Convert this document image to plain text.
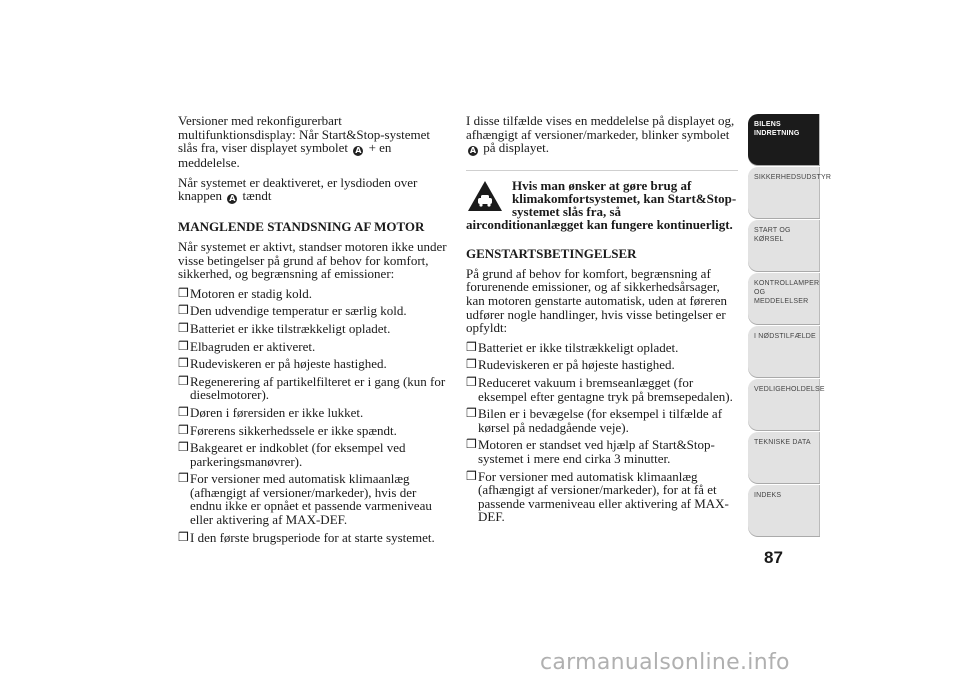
Versioner med rekonfigurerbart multifunktionsdisplay: Når Start&Stop-systemet slås fra, viser displayet symbolet A + en meddelelse.

Når systemet er deaktiveret, er lysdioden over knappen A tændt

MANGLENDE STANDSNING AF MOTOR

Når systemet er aktivt, standser motoren ikke under visse betingelser på grund af behov for komfort, sikkerhed, og begrænsning af emissioner:

❒ Motoren er stadig kold.
❒ Den udvendige temperatur er særlig kold.
❒ Batteriet er ikke tilstrækkeligt opladet.
❒ Elbagruden er aktiveret.
❒ Rudeviskeren er på højeste hastighed.
❒ Regenerering af partikelfilteret er i gang (kun for dieselmotorer).
❒ Døren i førersiden er ikke lukket.
❒ Førerens sikkerhedssele er ikke spændt.
❒ Bakgearet er indkoblet (for eksempel ved parkeringsmanøvrer).
❒ For versioner med automatisk klimaanlæg (afhængigt af versioner/markeder), hvis der endnu ikke er opnået et passende varmeniveau eller aktivering af MAX-DEF.
❒ I den første brugsperiode for at starte systemet.

I disse tilfælde vises en meddelelse på displayet og, afhængigt af versioner/markeder, blinker symbolet A på displayet.

Hvis man ønsker at gøre brug af klimakomfortsystemet, kan Start&Stop-systemet slås fra, så airconditionanlægget kan fungere kontinuerligt.

GENSTARTSBETINGELSER

På grund af behov for komfort, begrænsning af forurenende emissioner, og af sikkerhedsårsager, kan motoren genstarte automatisk, uden at føreren udfører nogle handlinger, hvis visse betingelser er opfyldt:

❒ Batteriet er ikke tilstrækkeligt opladet.
❒ Rudeviskeren er på højeste hastighed.
❒ Reduceret vakuum i bremseanlægget (for eksempel efter gentagne tryk på bremsepedalen).
❒ Bilen er i bevægelse (for eksempel i tilfælde af kørsel på nedadgående veje).
❒ Motoren er standset ved hjælp af Start&Stop-systemet i mere end cirka 3 minutter.
❒ For versioner med automatisk klimaanlæg (afhængigt af versioner/markeder), for at få et passende varmeniveau eller aktivering af MAX-DEF.
BILENS INDRETNING
SIKKERHEDSUDSTYR
START OG KØRSEL
KONTROLLAMPER OG MEDDELELSER
I NØDSTILFÆLDE
VEDLIGEHOLDELSE
TEKNISKE DATA
INDEKS
87
carmanualsonline.info
